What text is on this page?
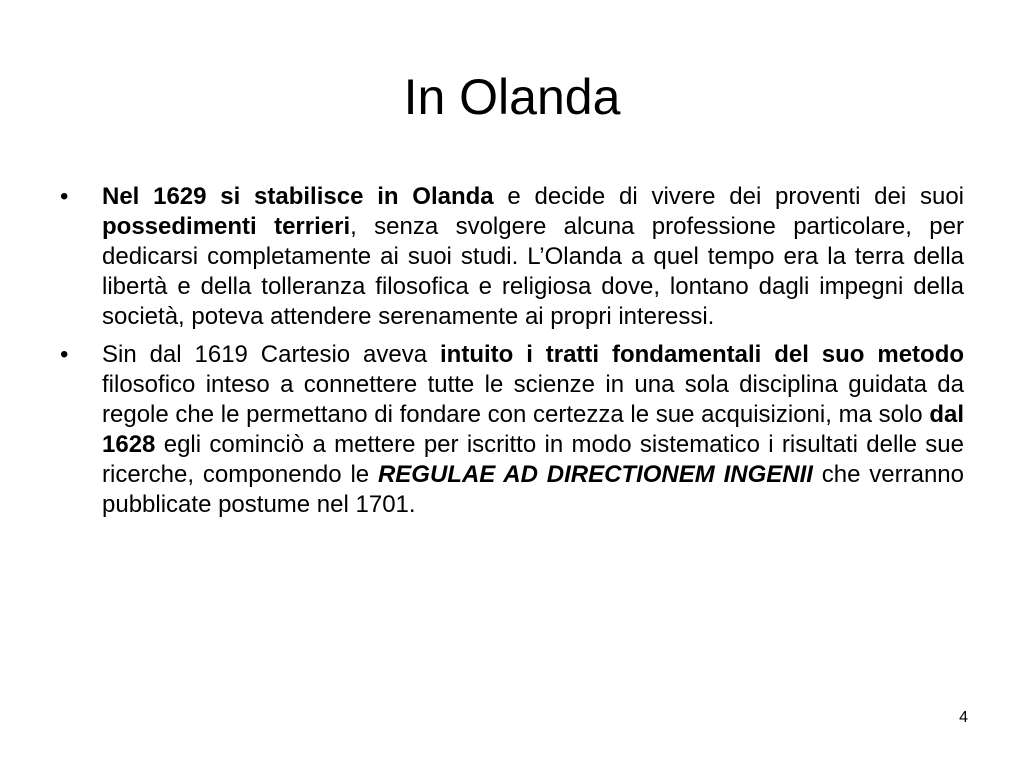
In Olanda
• Nel 1629 si stabilisce in Olanda e decide di vivere dei proventi dei suoi possedimenti terrieri, senza svolgere alcuna professione particolare, per dedicarsi completamente ai suoi studi. L’Olanda a quel tempo era la terra della libertà e della tolleranza filosofica e religiosa dove, lontano dagli impegni della società, poteva attendere serenamente ai propri interessi.
• Sin dal 1619 Cartesio aveva intuito i tratti fondamentali del suo metodo filosofico inteso a connettere tutte le scienze in una sola disciplina guidata da regole che le permettano di fondare con certezza le sue acquisizioni, ma solo dal 1628 egli cominciò a mettere per iscritto in modo sistematico i risultati delle sue ricerche, componendo le REGULAE AD DIRECTIONEM INGENII che verranno pubblicate postume nel 1701.
4
